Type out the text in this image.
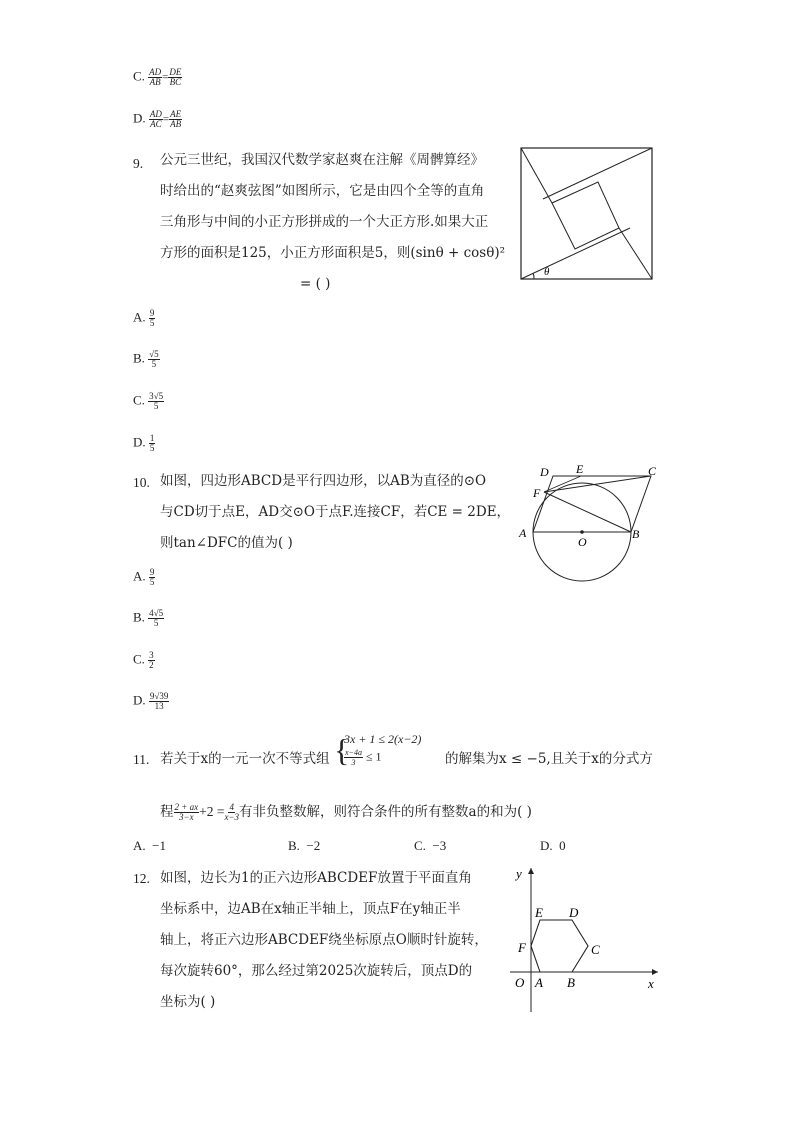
C. $\frac{AD}{AB} = \frac{DE}{BC}$
D. $\frac{AD}{AC} = \frac{AE}{AB}$
9. 公元三世纪，我国汉代数学家赵爽在注解《周髀算经》
时给出的“赵爽弦图”如图所示，它是由四个全等的直角
三角形与中间的小正方形拼成的一个大正方形.如果大正
方形的面积是125，小正方形面积是5，则(sinθ + cosθ)²
= ( )
θ
A. $\frac{9}{5}$
B. $\frac{√5}{5}$
C. $\frac{3√5}{5}$
D. $\frac{1}{5}$
10. 如图，四边形ABCD是平行四边形，以AB为直径的⊙O
与CD切于点E，AD交⊙O于点F.连接CF，若CE = 2DE，
则tan∠DFC的值为( )
D E	C
F
A
O
B
A. $\frac{9}{5}$
B. $\frac{4√5}{5}$
C. $\frac{3}{2}$
D. $\frac{9√39}{13}$
11. 若关于x的一元一次不等式组 {
3x + 1 ≤ 2(x−2)
$\frac{x-4a}{3} \le 1$	的解集为x ≤ −5,且关于x的分式方
程 $\frac{2 + ax}{3-x} +2 = \frac{4}{x-3}$ 有非负整数解，则符合条件的所有整数a的和为( )
A. −1	B. −2	C. −3	D. 0
12. 如图，边长为1的正六边形ABCDEF放置于平面直角
坐标系中，边AB在x轴正半轴上，顶点F在y轴正半
轴上，将正六边形ABCDEF绕坐标原点O顺时针旋转，
每次旋转60°，那么经过第2025次旋转后，顶点D的
坐标为( )
y
x
O A B
C
D
E
F
